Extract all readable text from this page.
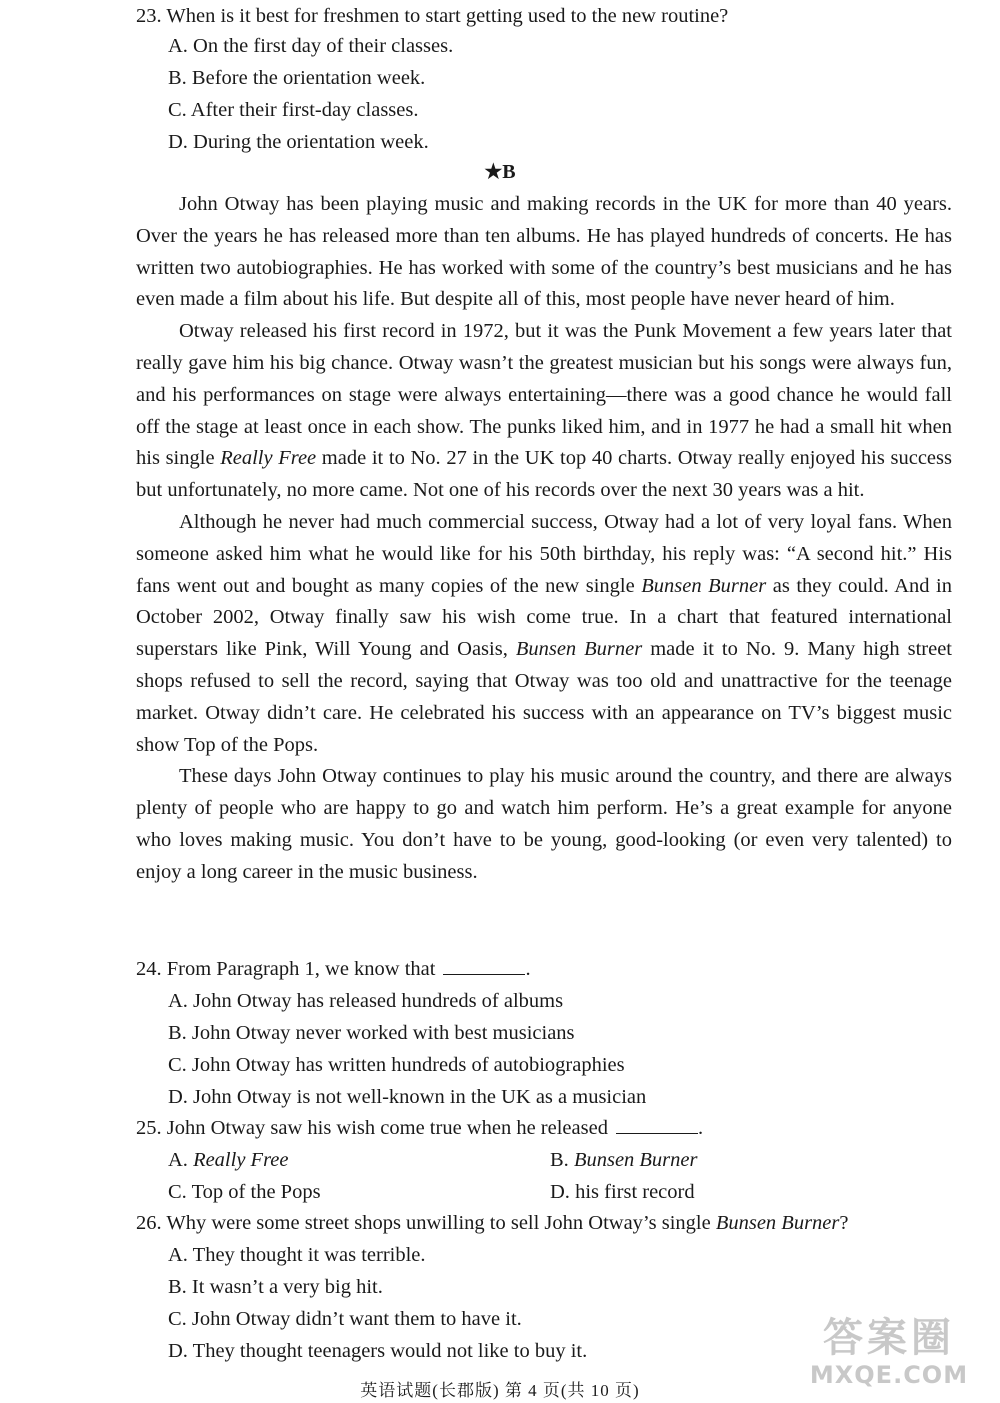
23. When is it best for freshmen to start getting used to the new routine?
A. On the first day of their classes.
B. Before the orientation week.
C. After their first-day classes.
D. During the orientation week.
★B

John Otway has been playing music and making records in the UK for more than 40 years. Over the years he has released more than ten albums. He has played hundreds of concerts. He has written two autobiographies. He has worked with some of the country’s best musicians and he has even made a film about his life. But despite all of this, most people have never heard of him.

Otway released his first record in 1972, but it was the Punk Movement a few years later that really gave him his big chance. Otway wasn’t the greatest musician but his songs were always fun, and his performances on stage were always entertaining—there was a good chance he would fall off the stage at least once in each show. The punks liked him, and in 1977 he had a small hit when his single Really Free made it to No. 27 in the UK top 40 charts. Otway really enjoyed his success but unfortunately, no more came. Not one of his records over the next 30 years was a hit.

Although he never had much commercial success, Otway had a lot of very loyal fans. When someone asked him what he would like for his 50th birthday, his reply was: “A second hit.” His fans went out and bought as many copies of the new single Bunsen Burner as they could. And in October 2002, Otway finally saw his wish come true. In a chart that featured international superstars like Pink, Will Young and Oasis, Bunsen Burner made it to No. 9. Many high street shops refused to sell the record, saying that Otway was too old and unattractive for the teenage market. Otway didn’t care. He celebrated his success with an appearance on TV’s biggest music show Top of the Pops.

These days John Otway continues to play his music around the country, and there are always plenty of people who are happy to go and watch him perform. He’s a great example for anyone who loves making music. You don’t have to be young, good-looking (or even very talented) to enjoy a long career in the music business.

24. From Paragraph 1, we know that	.
A. John Otway has released hundreds of albums
B. John Otway never worked with best musicians
C. John Otway has written hundreds of autobiographies
D. John Otway is not well-known in the UK as a musician
25. John Otway saw his wish come true when he released	.
A. Really Free	B. Bunsen Burner
C. Top of the Pops	D. his first record
26. Why were some street shops unwilling to sell John Otway’s single Bunsen Burner?
A. They thought it was terrible.
B. It wasn’t a very big hit.
C. John Otway didn’t want them to have it.
D. They thought teenagers would not like to buy it.
英语试题(长郡版) 第 4 页(共 10 页)
答案圈
MXQE.COM
